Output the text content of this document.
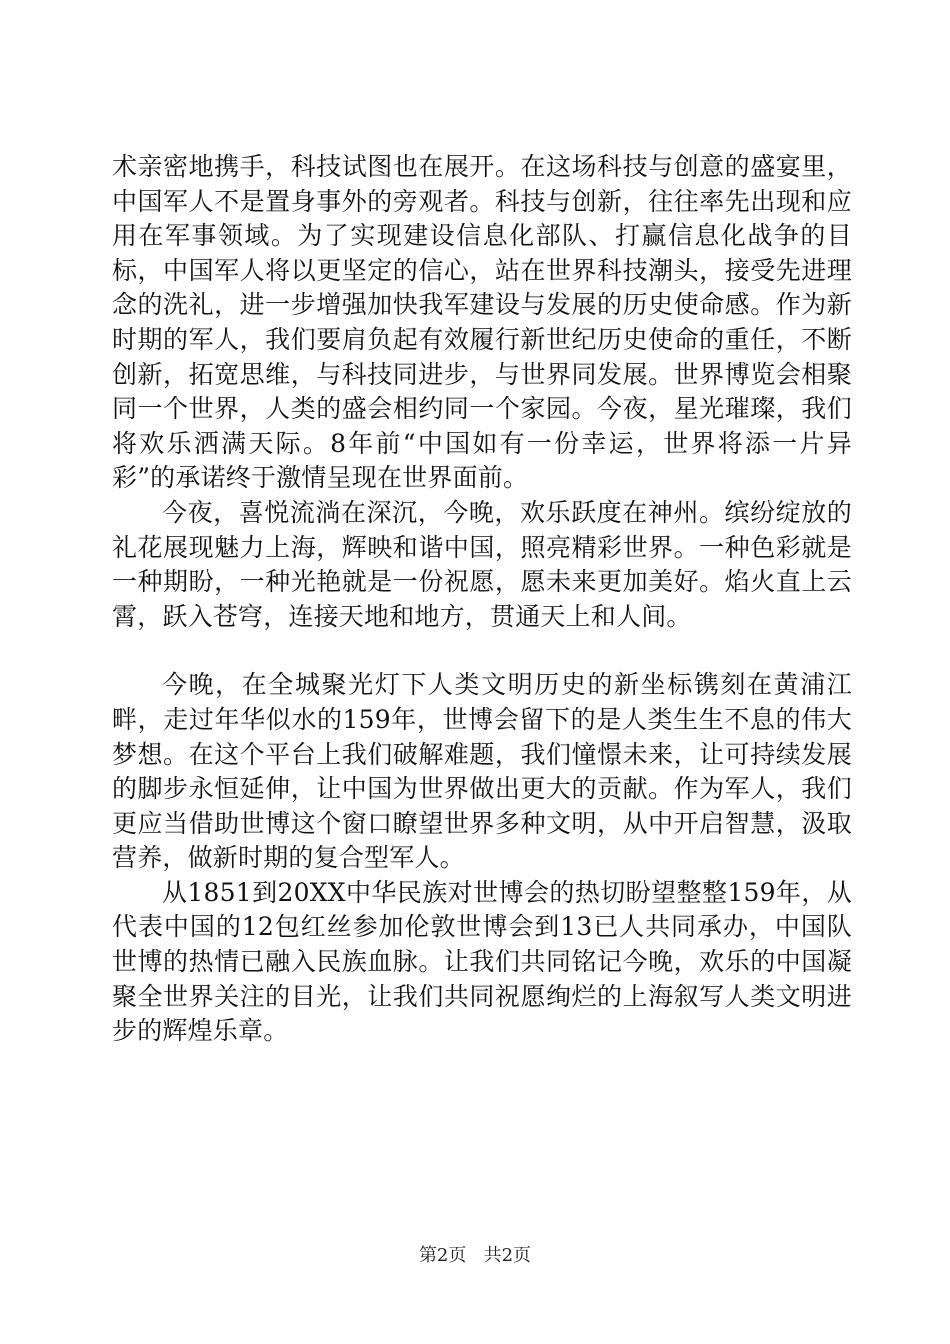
术亲密地携手，科技试图也在展开。在这场科技与创意的盛宴里，中国军人不是置身事外的旁观者。科技与创新，往往率先出现和应用在军事领域。为了实现建设信息化部队、打赢信息化战争的目标，中国军人将以更坚定的信心，站在世界科技潮头，接受先进理念的洗礼，进一步增强加快我军建设与发展的历史使命感。作为新时期的军人，我们要肩负起有效履行新世纪历史使命的重任，不断创新，拓宽思维，与科技同进步，与世界同发展。世界博览会相聚同一个世界，人类的盛会相约同一个家园。今夜，星光璀璨，我们将欢乐洒满天际。8年前“中国如有一份幸运，世界将添一片异彩”的承诺终于激情呈现在世界面前。

今夜，喜悦流淌在深沉，今晚，欢乐跃度在神州。缤纷绽放的礼花展现魅力上海，辉映和谐中国，照亮精彩世界。一种色彩就是一种期盼，一种光艳就是一份祝愿，愿未来更加美好。焰火直上云霄，跃入苍穹，连接天地和地方，贯通天上和人间。

今晚，在全城聚光灯下人类文明历史的新坐标镌刻在黄浦江畔，走过年华似水的159年，世博会留下的是人类生生不息的伟大梦想。在这个平台上我们破解难题，我们憧憬未来，让可持续发展的脚步永恒延伸，让中国为世界做出更大的贡献。作为军人，我们更应当借助世博这个窗口瞭望世界多种文明，从中开启智慧，汲取营养，做新时期的复合型军人。

从1851到20XX中华民族对世博会的热切盼望整整159年，从代表中国的12包红丝参加伦敦世博会到13已人共同承办，中国队世博的热情已融入民族血脉。让我们共同铭记今晚，欢乐的中国凝聚全世界关注的目光，让我们共同祝愿绚烂的上海叙写人类文明进步的辉煌乐章。

第2页 共2页
